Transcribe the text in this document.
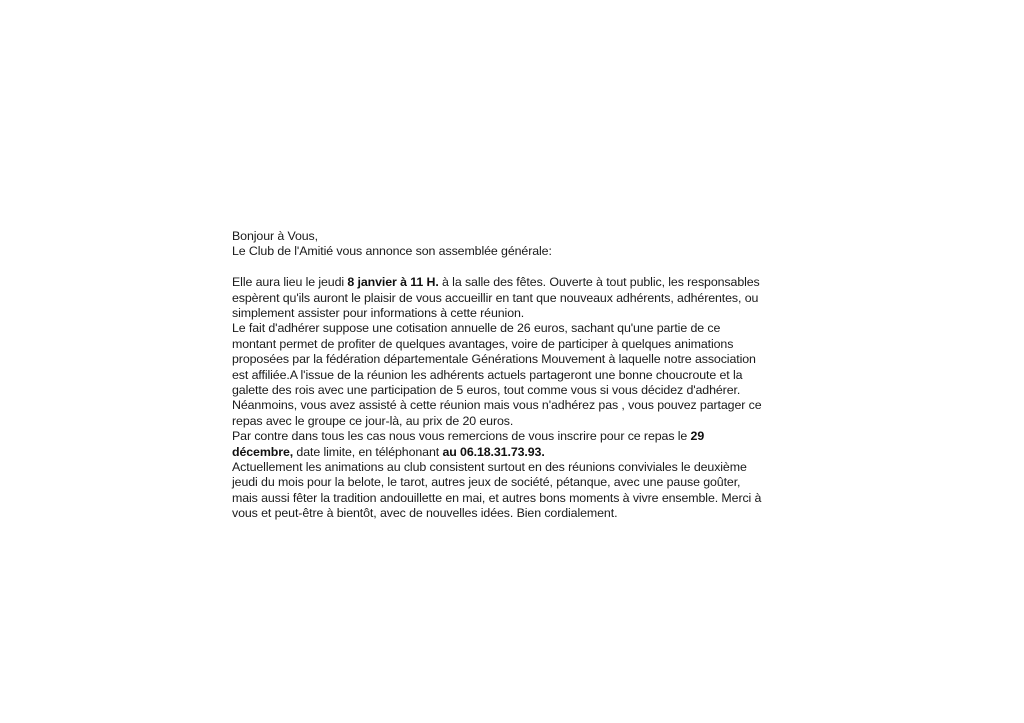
Bonjour à Vous,
Le Club de l'Amitié vous annonce son assemblée générale:
Elle aura lieu le jeudi 8 janvier à 11 H. à la salle des fêtes. Ouverte à tout public, les responsables
espèrent qu'ils auront le plaisir de vous accueillir en tant que nouveaux adhérents, adhérentes, ou
simplement assister pour informations à cette réunion.
Le fait d'adhérer suppose une cotisation annuelle de 26 euros, sachant qu'une partie de ce
montant permet de profiter de quelques avantages, voire de participer à quelques animations
proposées par la fédération départementale Générations Mouvement à laquelle notre association
est affiliée.A l'issue de la réunion les adhérents actuels partageront une bonne choucroute et la
galette des rois avec une participation de 5 euros, tout comme vous si vous décidez d'adhérer.
Néanmoins, vous avez assisté à cette réunion mais vous n'adhérez pas , vous pouvez partager ce
repas avec le groupe ce jour-là, au prix de 20 euros.
Par contre dans tous les cas nous vous remercions de vous inscrire pour ce repas le 29
décembre, date limite, en téléphonant au 06.18.31.73.93.
Actuellement les animations au club consistent surtout en des réunions conviviales le deuxième
jeudi du mois pour la belote, le tarot, autres jeux de société, pétanque, avec une pause goûter,
mais aussi fêter la tradition andouillette en mai, et autres bons moments à vivre ensemble. Merci à
vous et peut-être à bientôt, avec de nouvelles idées. Bien cordialement.
